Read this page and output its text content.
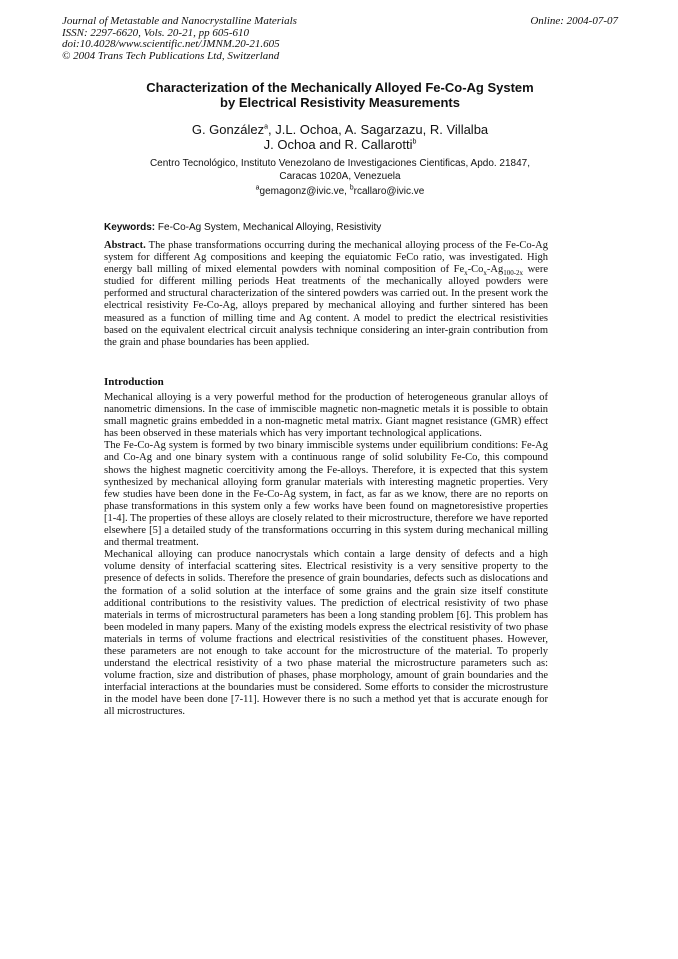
Journal of Metastable and Nanocrystalline Materials
ISSN: 2297-6620, Vols. 20-21, pp 605-610
doi:10.4028/www.scientific.net/JMNM.20-21.605
© 2004 Trans Tech Publications Ltd, Switzerland
Online: 2004-07-07
Characterization of the Mechanically Alloyed Fe-Co-Ag System
by Electrical Resistivity Measurements
G. González$^a$, J.L. Ochoa, A. Sagarzazu, R. Villalba
J. Ochoa and R. Callarotti$^b$
Centro Tecnológico, Instituto Venezolano de Investigaciones Cientificas, Apdo. 21847,
Caracas 1020A, Venezuela
$^a$gemagonz@ivic.ve, $^b$rcallaro@ivic.ve
Keywords: Fe-Co-Ag System, Mechanical Alloying, Resistivity
Abstract. The phase transformations occurring during the mechanical alloying process of the Fe-Co-Ag system for different Ag compositions and keeping the equiatomic FeCo ratio, was investigated. High energy ball milling of mixed elemental powders with nominal composition of $Fe_x-Co_x-Ag_{100-2x}$ were studied for different milling periods Heat treatments of the mechanically alloyed powders were performed and structural characterization of the sintered powders was carried out. In the present work the electrical resistivity Fe-Co-Ag, alloys prepared by mechanical alloying and further sintered has been measured as a function of milling time and Ag content. A model to predict the electrical resistivities based on the equivalent electrical circuit analysis technique considering an inter-grain contribution from the grain and phase boundaries has been applied.
Introduction

Mechanical alloying is a very powerful method for the production of heterogeneous granular alloys of nanometric dimensions. In the case of immiscible magnetic non-magnetic metals it is possible to obtain small magnetic grains embedded in a non-magnetic metal matrix. Giant magnet resistance (GMR) effect has been observed in these materials which has very important technological applications.

The Fe-Co-Ag system is formed by two binary immiscible systems under equilibrium conditions: Fe-Ag and Co-Ag and one binary system with a continuous range of solid solubility Fe-Co, this compound shows the highest magnetic coercitivity among the Fe-alloys. Therefore, it is expected that this system synthesized by mechanical alloying form granular materials with interesting magnetic properties. Very few studies have been done in the Fe-Co-Ag system, in fact, as far as we know, there are no reports on phase transformations in this system only a few works have been found on magnetoresistive properties [1-4]. The properties of these alloys are closely related to their microstructure, therefore we have reported elsewhere [5] a detailed study of the transformations occurring in this system during mechanical milling and thermal treatment.

Mechanical alloying can produce nanocrystals which contain a large density of defects and a high volume density of interfacial scattering sites. Electrical resistivity is a very sensitive property to the presence of defects in solids. Therefore the presence of grain boundaries, defects such as dislocations and the formation of a solid solution at the interface of some grains and the grain size itself constitute additional contributions to the resistivity values. The prediction of electrical resistivity of two phase materials in terms of microstructural parameters has been a long standing problem [6]. This problem has been modeled in many papers. Many of the existing models express the electrical resistivity of two phase materials in terms of volume fractions and electrical resistivities of the constituent phases. However, these parameters are not enough to take account for the microstructure of the material. To properly understand the electrical resistivity of a two phase material the microstructure parameters such as: volume fraction, size and distribution of phases, phase morphology, amount of grain boundaries and the interfacial interactions at the boundaries must be considered. Some efforts to consider the microstrusture in the model have been done [7-11]. However there is no such a method yet that is accurate enough for all microstructures.
